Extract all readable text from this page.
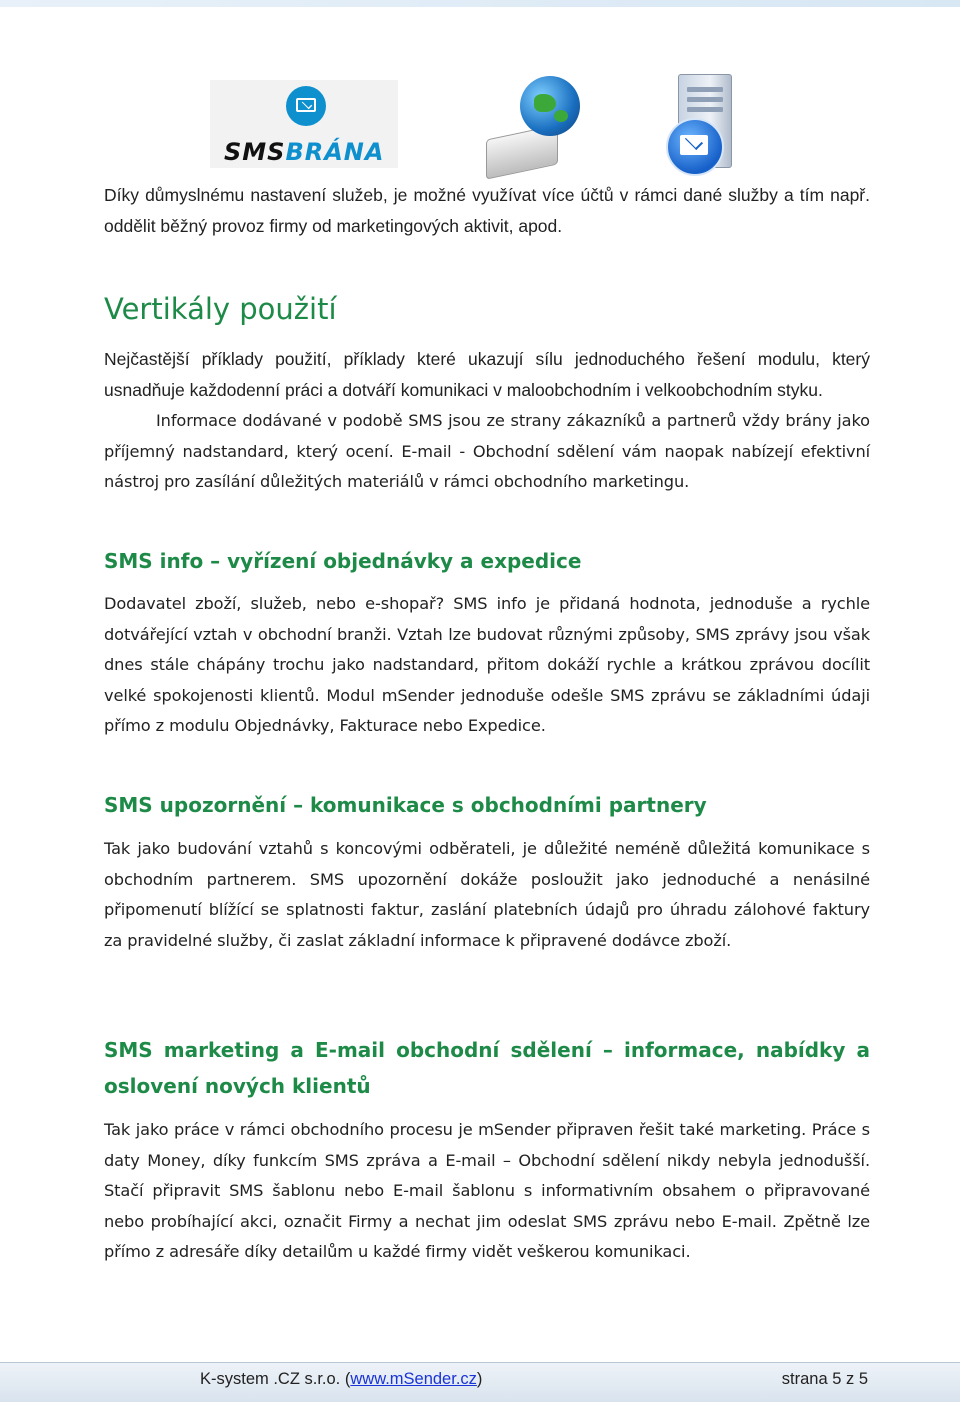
SMSBRÁNA

Díky důmyslnému nastavení služeb, je možné využívat více účtů v rámci dané služby a tím např. oddělit běžný provoz firmy od marketingových aktivit, apod.

Vertikály použití

Nejčastější příklady použití, příklady které ukazují sílu jednoduchého řešení modulu, který usnadňuje každodenní práci a dotváří komunikaci v maloobchodním i velkoobchodním styku.

Informace dodávané v podobě SMS jsou ze strany zákazníků a partnerů vždy brány jako příjemný nadstandard, který ocení. E-mail - Obchodní sdělení vám naopak nabízejí efektivní nástroj pro zasílání důležitých materiálů v rámci obchodního marketingu.

SMS info – vyřízení objednávky a expedice

Dodavatel zboží, služeb, nebo e-shopař? SMS info je přidaná hodnota, jednoduše a rychle dotvářející vztah v obchodní branži. Vztah lze budovat různými způsoby, SMS zprávy jsou však dnes stále chápány trochu jako nadstandard, přitom dokáží rychle a krátkou zprávou docílit velké spokojenosti klientů. Modul mSender jednoduše odešle SMS zprávu se základními údaji přímo z modulu Objednávky, Fakturace nebo Expedice.

SMS upozornění – komunikace s obchodními partnery

Tak jako budování vztahů s koncovými odběrateli, je důležité neméně důležitá komunikace s obchodním partnerem. SMS upozornění dokáže posloužit jako jednoduché a nenásilné připomenutí blížící se splatnosti faktur, zaslání platebních údajů pro úhradu zálohové faktury za pravidelné služby, či zaslat základní informace k připravené dodávce zboží.

SMS marketing a E-mail obchodní sdělení – informace, nabídky a oslovení nových klientů

Tak jako práce v rámci obchodního procesu je mSender připraven řešit také marketing. Práce s daty Money, díky funkcím SMS zpráva a E-mail – Obchodní sdělení nikdy nebyla jednodušší. Stačí připravit SMS šablonu nebo E-mail šablonu s informativním obsahem o připravované nebo probíhající akci, označit Firmy a nechat jim odeslat SMS zprávu nebo E-mail. Zpětně lze přímo z adresáře díky detailům u každé firmy vidět veškerou komunikaci.

K-system .CZ s.r.o. (www.mSender.cz)	strana 5 z 5
